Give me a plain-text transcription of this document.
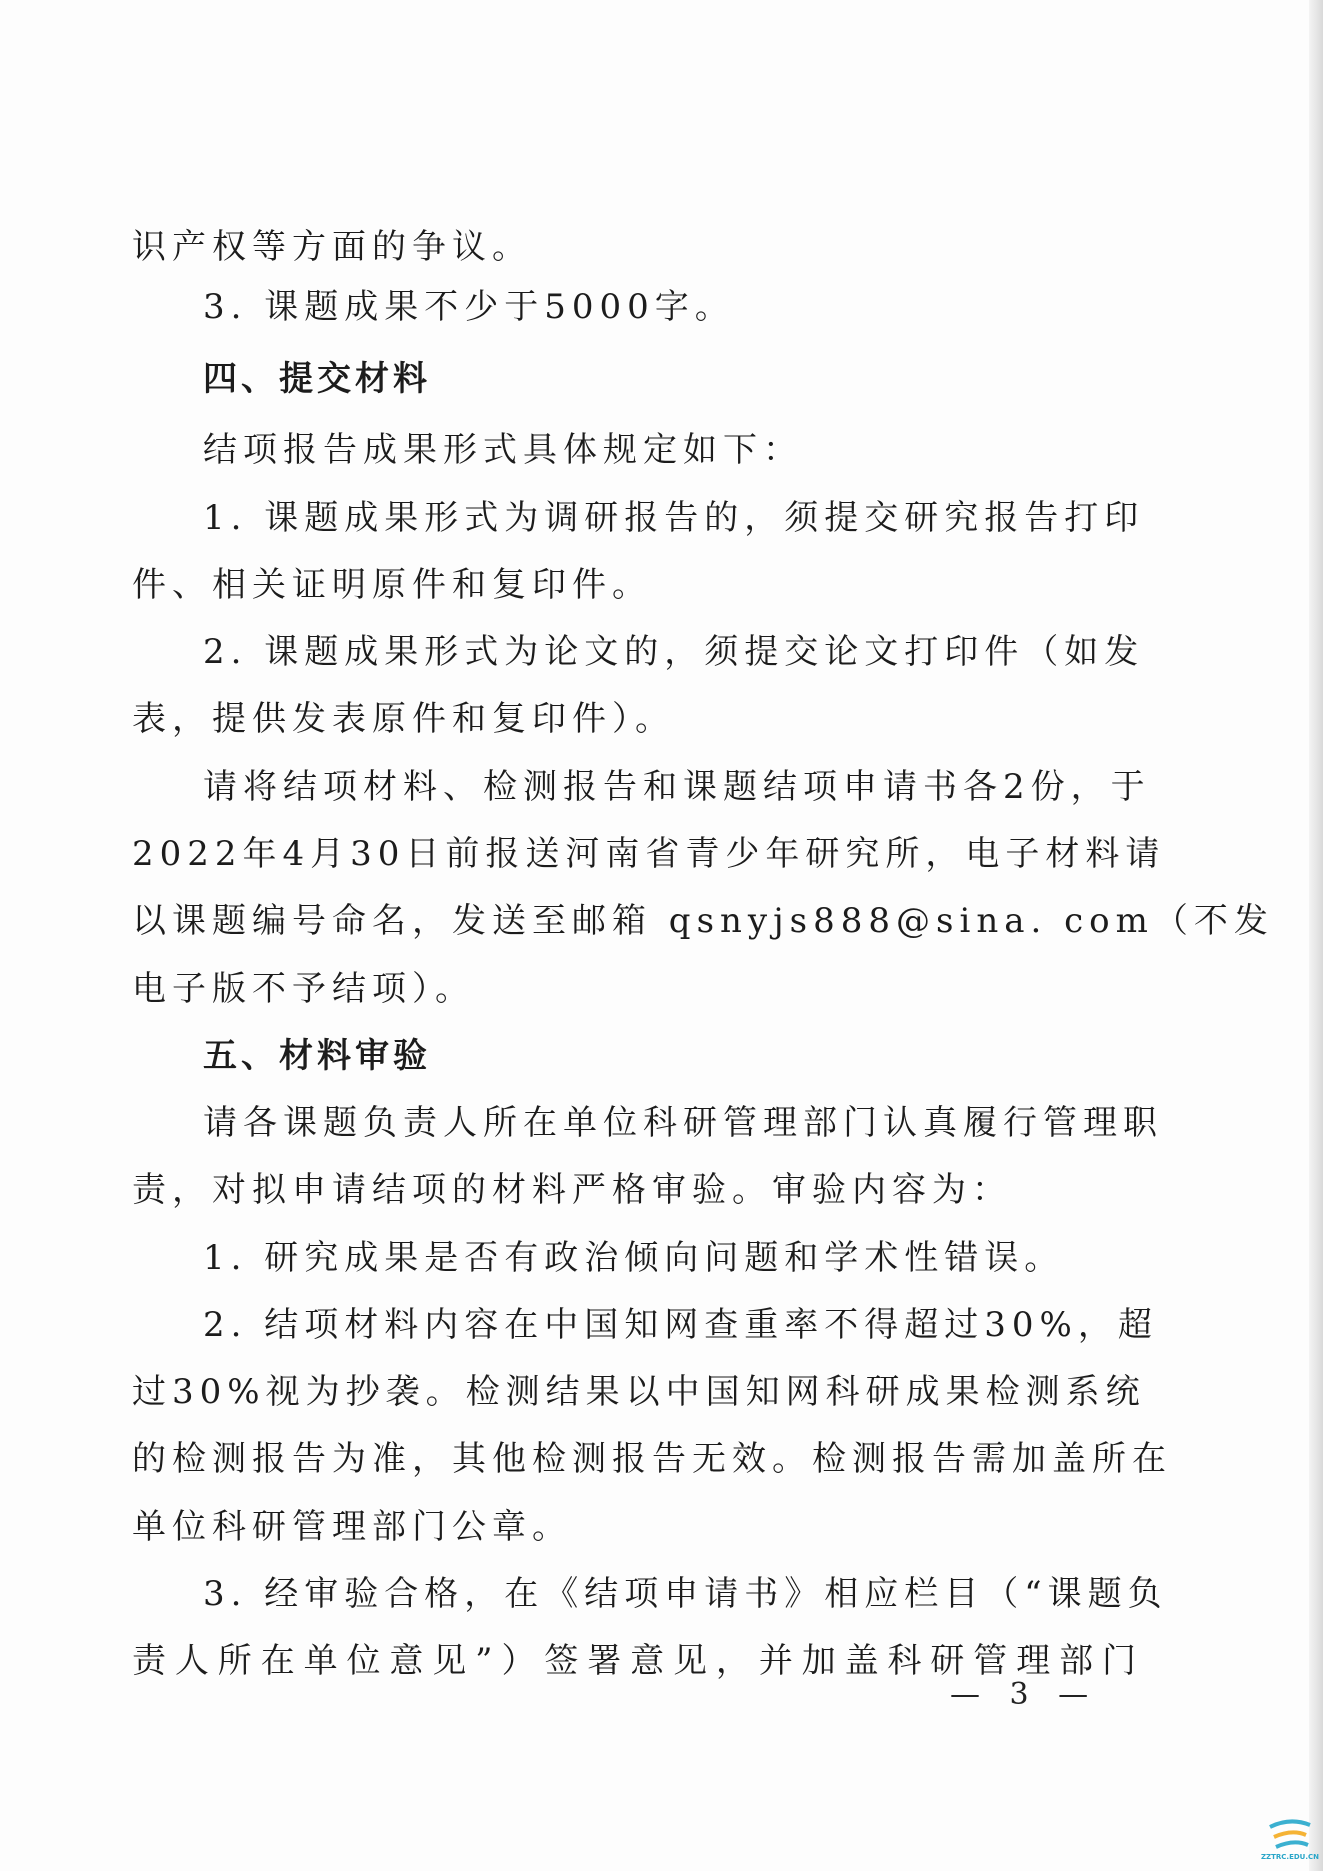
识产权等方面的争议。
3. 课题成果不少于5000字。
四、提交材料
结项报告成果形式具体规定如下：
1. 课题成果形式为调研报告的，须提交研究报告打印
件、相关证明原件和复印件。
2. 课题成果形式为论文的，须提交论文打印件（如发
表，提供发表原件和复印件）。
请将结项材料、检测报告和课题结项申请书各2份，于
2022年4月30日前报送河南省青少年研究所，电子材料请
以课题编号命名，发送至邮箱 qsnyjs888@sina. com（不发
电子版不予结项）。
五、材料审验
请各课题负责人所在单位科研管理部门认真履行管理职
责，对拟申请结项的材料严格审验。审验内容为：
1. 研究成果是否有政治倾向问题和学术性错误。
2. 结项材料内容在中国知网查重率不得超过30%，超
过30%视为抄袭。检测结果以中国知网科研成果检测系统
的检测报告为准，其他检测报告无效。检测报告需加盖所在
单位科研管理部门公章。
3. 经审验合格，在《结项申请书》相应栏目（“课题负
责人所在单位意见”）签署意见，并加盖科研管理部门
— 3 —
ZZTRC.EDU.CN
